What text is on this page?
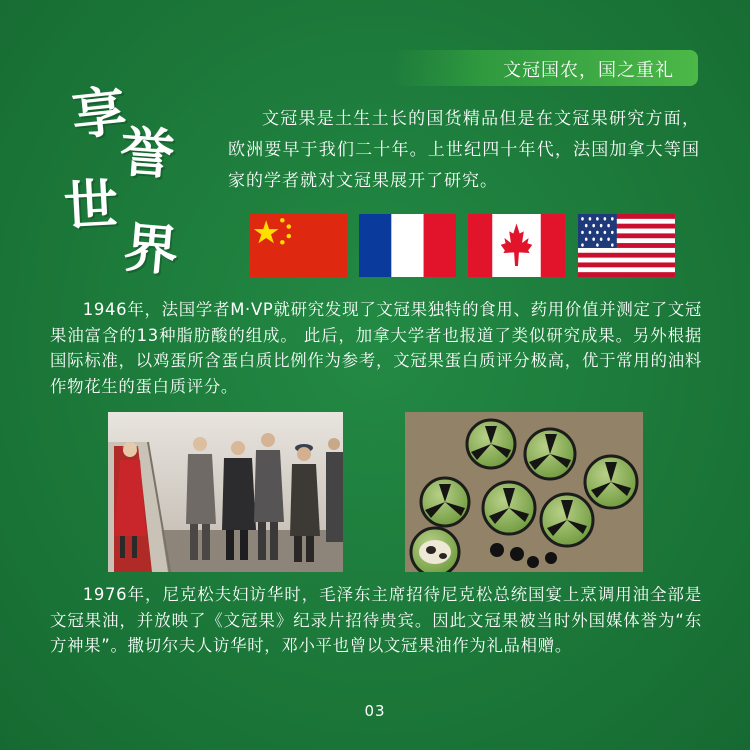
文冠国农，国之重礼
享
誉
世
界

文冠果是土生土长的国货精品但是在文冠果研究方面，欧洲要早于我们二十年。上世纪四十年代，法国加拿大等国家的学者就对文冠果展开了研究。

1946年，法国学者M·VP就研究发现了文冠果独特的食用、药用价值并测定了文冠果油富含的13种脂肪酸的组成。 此后，加拿大学者也报道了类似研究成果。另外根据国际标准，以鸡蛋所含蛋白质比例作为参考，文冠果蛋白质评分极高，优于常用的油料作物花生的蛋白质评分。

1976年，尼克松夫妇访华时，毛泽东主席招待尼克松总统国宴上烹调用油全部是文冠果油，并放映了《文冠果》纪录片招待贵宾。因此文冠果被当时外国媒体誉为“东方神果”。撒切尔夫人访华时，邓小平也曾以文冠果油作为礼品相赠。

03
